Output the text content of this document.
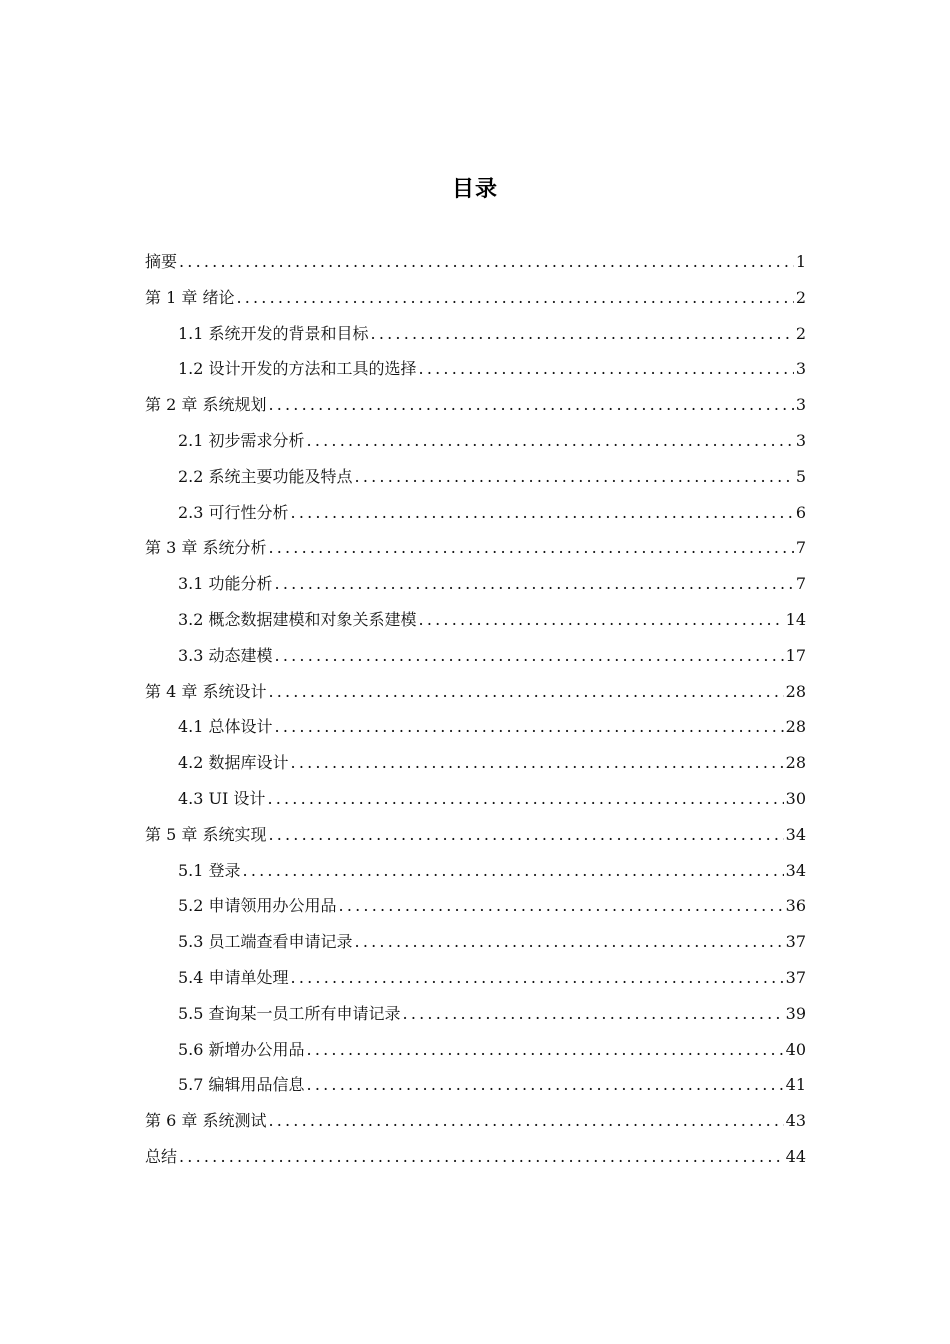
目录
摘要 .....	1
第 1 章 绪论 .....	2
1.1 系统开发的背景和目标 .....	2
1.2 设计开发的方法和工具的选择 .....	3
第 2 章 系统规划 .....	3
2.1 初步需求分析 .....	3
2.2 系统主要功能及特点 .....	5
2.3 可行性分析 .....	6
第 3 章 系统分析 .....	7
3.1 功能分析 .....	7
3.2 概念数据建模和对象关系建模 .....	14
3.3 动态建模 .....	17
第 4 章 系统设计 .....	28
4.1 总体设计 .....	28
4.2 数据库设计 .....	28
4.3 UI 设计 .....	30
第 5 章 系统实现 .....	34
5.1 登录 .....	34
5.2 申请领用办公用品 .....	36
5.3 员工端查看申请记录 .....	37
5.4 申请单处理 .....	37
5.5 查询某一员工所有申请记录 .....	39
5.6 新增办公用品 .....	40
5.7 编辑用品信息 .....	41
第 6 章 系统测试 .....	43
总结 .....	44
